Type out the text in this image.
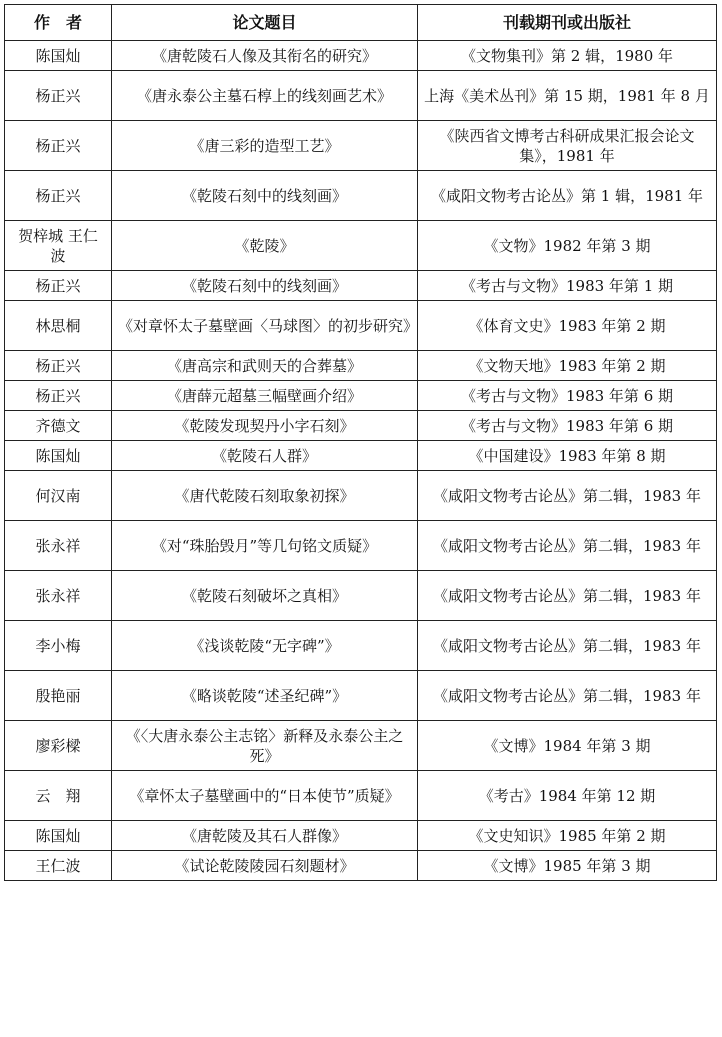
作　者	论文题目	刊载期刊或出版社
陈国灿	《唐乾陵石人像及其衔名的研究》	《文物集刊》第 2 辑，1980 年
杨正兴	《唐永泰公主墓石椁上的线刻画艺术》	上海《美术丛刊》第 15 期，1981 年 8 月
杨正兴	《唐三彩的造型工艺》	《陕西省文博考古科研成果汇报会论文集》，1981 年
杨正兴	《乾陵石刻中的线刻画》	《咸阳文物考古论丛》第 1 辑，1981 年
贺梓城 王仁波	《乾陵》	《文物》1982 年第 3 期
杨正兴	《乾陵石刻中的线刻画》	《考古与文物》1983 年第 1 期
林思桐	《对章怀太子墓壁画〈马球图〉的初步研究》	《体育文史》1983 年第 2 期
杨正兴	《唐高宗和武则天的合葬墓》	《文物天地》1983 年第 2 期
杨正兴	《唐薛元超墓三幅壁画介绍》	《考古与文物》1983 年第 6 期
齐德文	《乾陵发现契丹小字石刻》	《考古与文物》1983 年第 6 期
陈国灿	《乾陵石人群》	《中国建设》1983 年第 8 期
何汉南	《唐代乾陵石刻取象初探》	《咸阳文物考古论丛》第二辑，1983 年
张永祥	《对“珠胎毁月”等几句铭文质疑》	《咸阳文物考古论丛》第二辑，1983 年
张永祥	《乾陵石刻破坏之真相》	《咸阳文物考古论丛》第二辑，1983 年
李小梅	《浅谈乾陵“无字碑”》	《咸阳文物考古论丛》第二辑，1983 年
殷艳丽	《略谈乾陵“述圣纪碑”》	《咸阳文物考古论丛》第二辑，1983 年
廖彩樑	《〈大唐永泰公主志铭〉新释及永泰公主之死》	《文博》1984 年第 3 期
云　翔	《章怀太子墓壁画中的“日本使节”质疑》	《考古》1984 年第 12 期
陈国灿	《唐乾陵及其石人群像》	《文史知识》1985 年第 2 期
王仁波	《试论乾陵陵园石刻题材》	《文博》1985 年第 3 期
